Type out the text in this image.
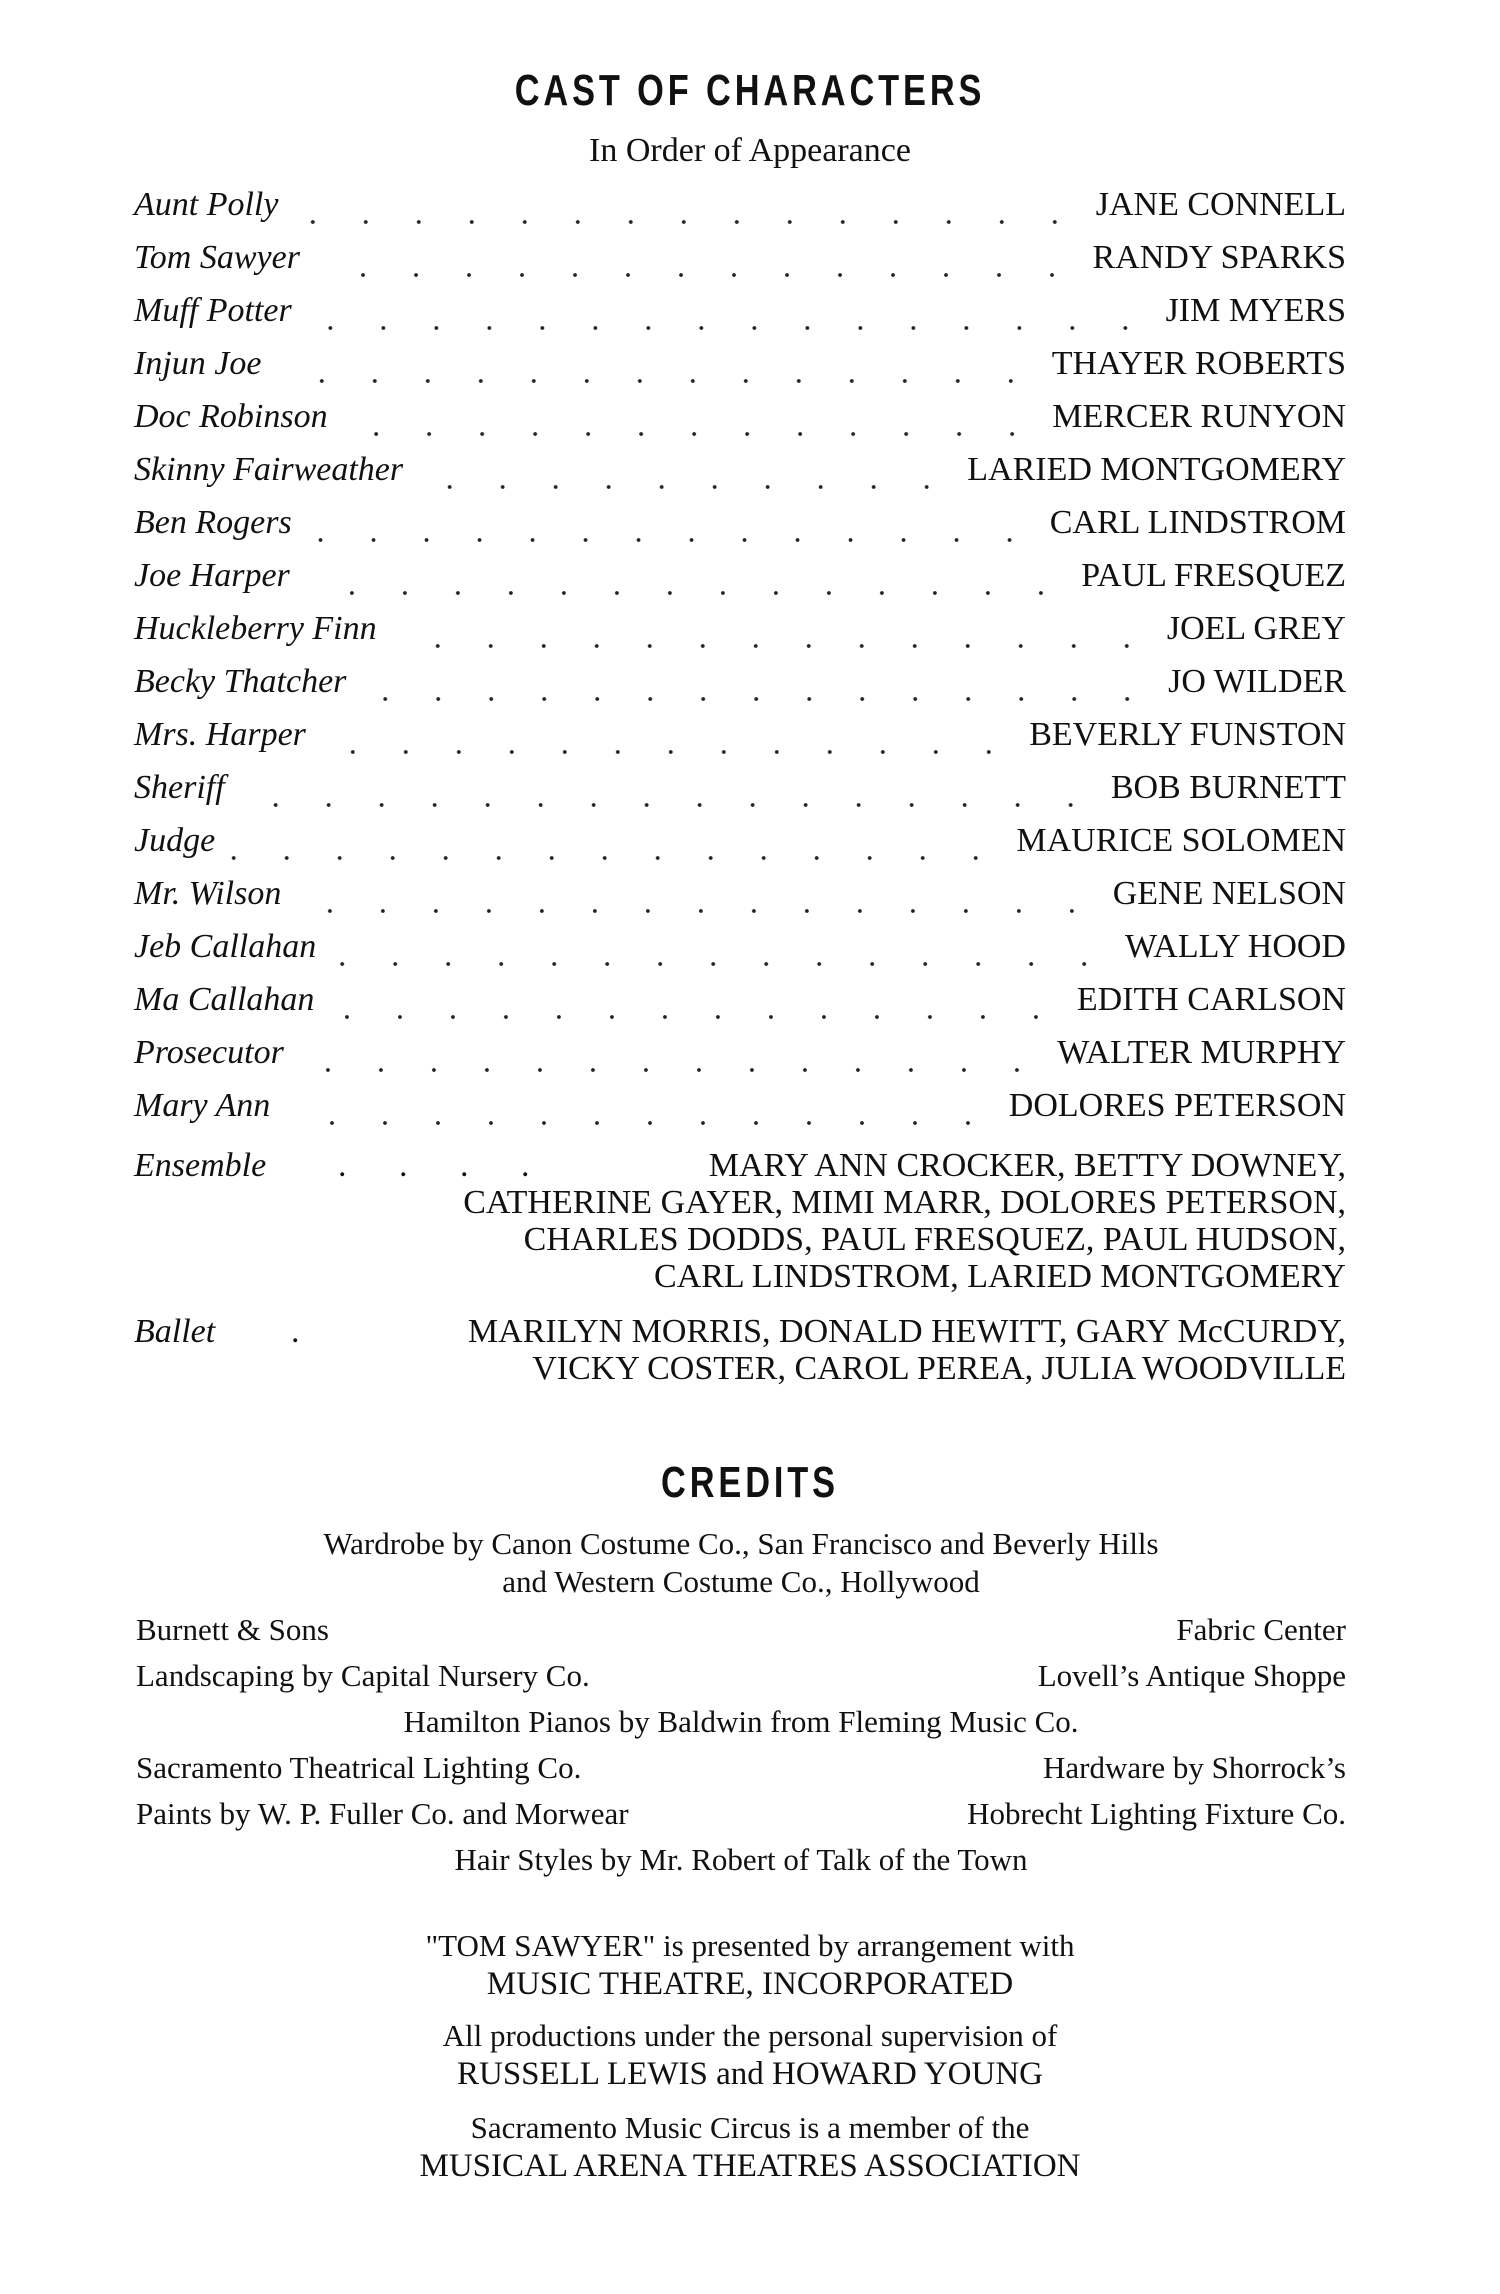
CAST OF CHARACTERS
In Order of Appearance
Aunt Polly	JANE CONNELL
Tom Sawyer	RANDY SPARKS
Muff Potter	JIM MYERS
Injun Joe	THAYER ROBERTS
Doc Robinson	MERCER RUNYON
Skinny Fairweather	LARIED MONTGOMERY
Ben Rogers	CARL LINDSTROM
Joe Harper	PAUL FRESQUEZ
Huckleberry Finn	JOEL GREY
Becky Thatcher	JO WILDER
Mrs. Harper	BEVERLY FUNSTON
Sheriff	BOB BURNETT
Judge	MAURICE SOLOMEN
Mr. Wilson	GENE NELSON
Jeb Callahan	WALLY HOOD
Ma Callahan	EDITH CARLSON
Prosecutor	WALTER MURPHY
Mary Ann	DOLORES PETERSON
Ensemble . . . .	MARY ANN CROCKER, BETTY DOWNEY,
CATHERINE GAYER, MIMI MARR, DOLORES PETERSON,
CHARLES DODDS, PAUL FRESQUEZ, PAUL HUDSON,
CARL LINDSTROM, LARIED MONTGOMERY
Ballet .	MARILYN MORRIS, DONALD HEWITT, GARY McCURDY,
VICKY COSTER, CAROL PEREA, JULIA WOODVILLE
CREDITS
Wardrobe by Canon Costume Co., San Francisco and Beverly Hills
and Western Costume Co., Hollywood
Burnett & Sons	Fabric Center
Landscaping by Capital Nursery Co.	Lovell’s Antique Shoppe
Hamilton Pianos by Baldwin from Fleming Music Co.
Sacramento Theatrical Lighting Co.	Hardware by Shorrock’s
Paints by W. P. Fuller Co. and Morwear	Hobrecht Lighting Fixture Co.
Hair Styles by Mr. Robert of Talk of the Town
"TOM SAWYER" is presented by arrangement with
MUSIC THEATRE, INCORPORATED
All productions under the personal supervision of
RUSSELL LEWIS and HOWARD YOUNG
Sacramento Music Circus is a member of the
MUSICAL ARENA THEATRES ASSOCIATION
